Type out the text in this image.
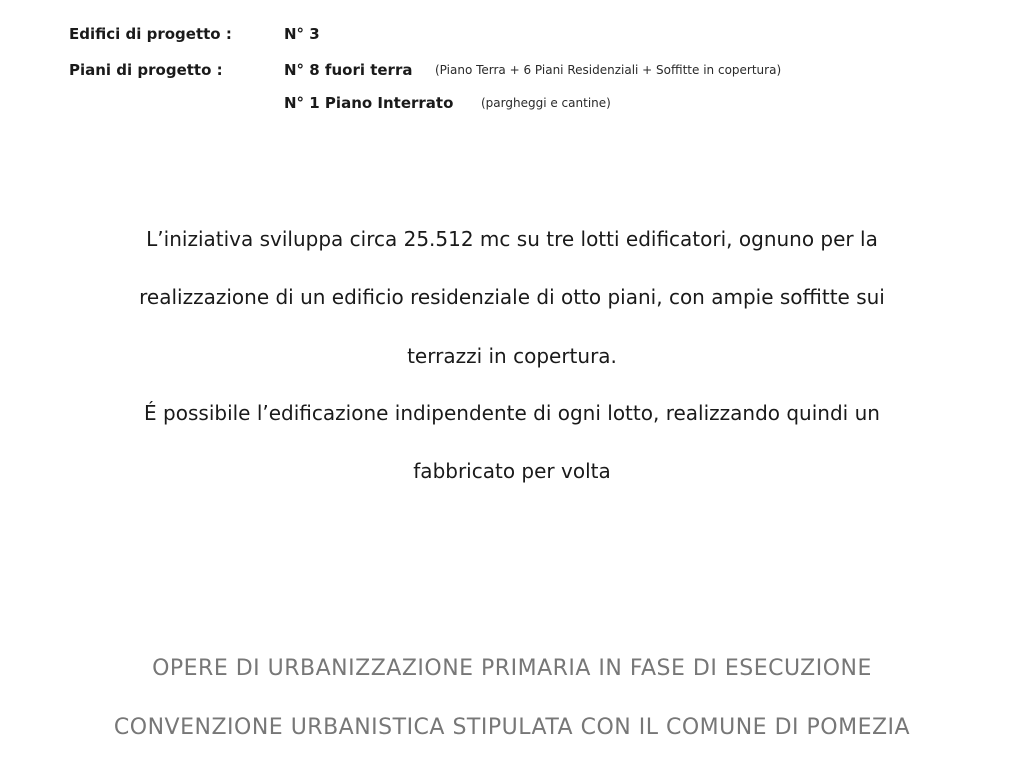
Edifici di progetto :	N° 3
Piani di progetto :	N° 8 fuori terra (Piano Terra + 6 Piani Residenziali + Soffitte in copertura)
N° 1 Piano Interrato (pargheggi e cantine)
L’iniziativa sviluppa circa 25.512 mc su tre lotti edificatori, ognuno per la
realizzazione di un edificio residenziale di otto piani, con ampie soffitte sui
terrazzi in copertura.
É possibile l’edificazione indipendente di ogni lotto, realizzando quindi un
fabbricato per volta
OPERE DI URBANIZZAZIONE PRIMARIA IN FASE DI ESECUZIONE
CONVENZIONE URBANISTICA STIPULATA CON IL COMUNE DI POMEZIA
